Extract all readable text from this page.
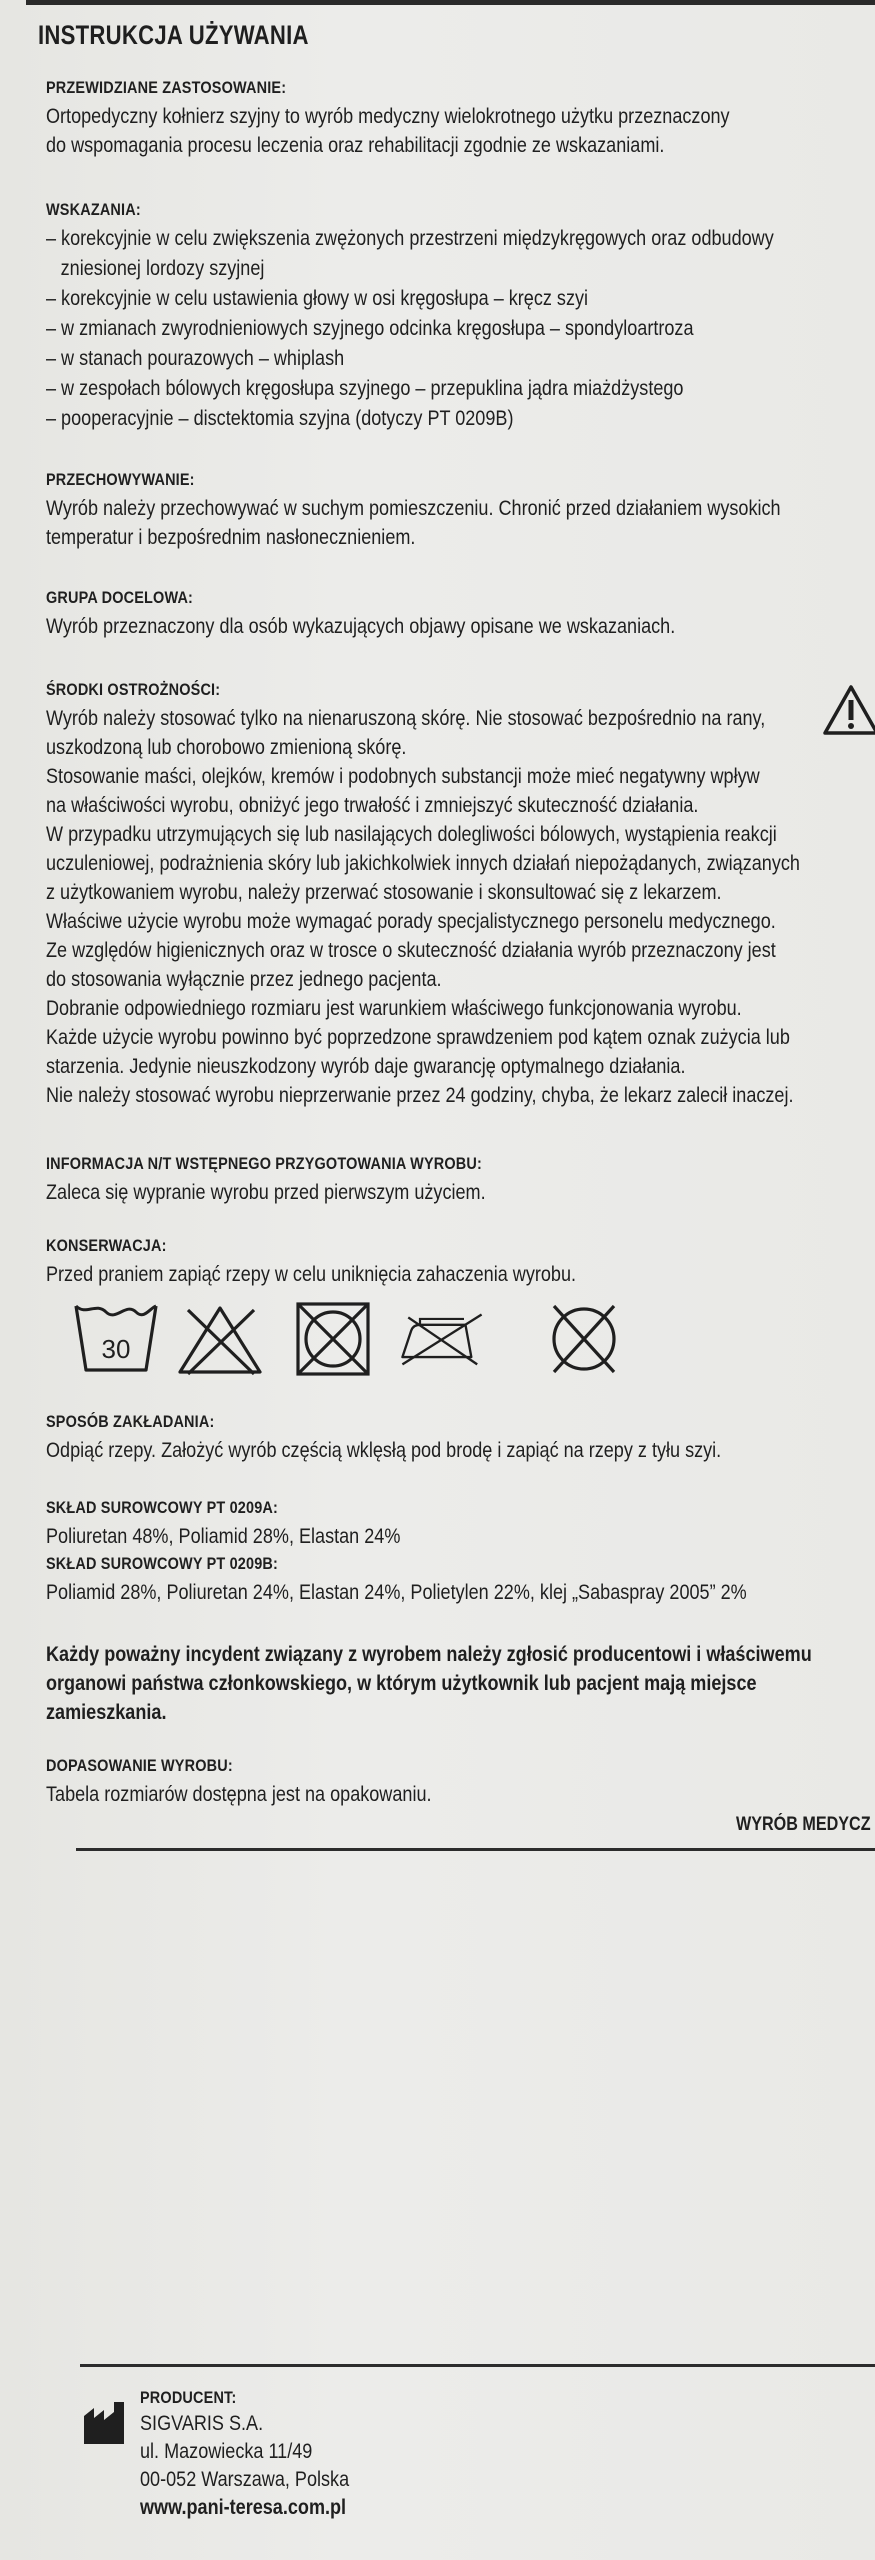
INSTRUKCJA UŻYWANIA
PRZEWIDZIANE ZASTOSOWANIE:
Ortopedyczny kołnierz szyjny to wyrób medyczny wielokrotnego użytku przeznaczony
do wspomagania procesu leczenia oraz rehabilitacji zgodnie ze wskazaniami.
WSKAZANIA:
– korekcyjnie w celu zwiększenia zwężonych przestrzeni międzykręgowych oraz odbudowy
zniesionej lordozy szyjnej
– korekcyjnie w celu ustawienia głowy w osi kręgosłupa – kręcz szyi
– w zmianach zwyrodnieniowych szyjnego odcinka kręgosłupa – spondyloartroza
– w stanach pourazowych – whiplash
– w zespołach bólowych kręgosłupa szyjnego – przepuklina jądra miażdżystego
– pooperacyjnie – disctektomia szyjna (dotyczy PT 0209B)
PRZECHOWYWANIE:
Wyrób należy przechowywać w suchym pomieszczeniu. Chronić przed działaniem wysokich
temperatur i bezpośrednim nasłonecznieniem.
GRUPA DOCELOWA:
Wyrób przeznaczony dla osób wykazujących objawy opisane we wskazaniach.
ŚRODKI OSTROŻNOŚCI:
Wyrób należy stosować tylko na nienaruszoną skórę. Nie stosować bezpośrednio na rany,
uszkodzoną lub chorobowo zmienioną skórę.
Stosowanie maści, olejków, kremów i podobnych substancji może mieć negatywny wpływ
na właściwości wyrobu, obniżyć jego trwałość i zmniejszyć skuteczność działania.
W przypadku utrzymujących się lub nasilających dolegliwości bólowych, wystąpienia reakcji
uczuleniowej, podrażnienia skóry lub jakichkolwiek innych działań niepożądanych, związanych
z użytkowaniem wyrobu, należy przerwać stosowanie i skonsultować się z lekarzem.
Właściwe użycie wyrobu może wymagać porady specjalistycznego personelu medycznego.
Ze względów higienicznych oraz w trosce o skuteczność działania wyrób przeznaczony jest
do stosowania wyłącznie przez jednego pacjenta.
Dobranie odpowiedniego rozmiaru jest warunkiem właściwego funkcjonowania wyrobu.
Każde użycie wyrobu powinno być poprzedzone sprawdzeniem pod kątem oznak zużycia lub
starzenia. Jedynie nieuszkodzony wyrób daje gwarancję optymalnego działania.
Nie należy stosować wyrobu nieprzerwanie przez 24 godziny, chyba, że lekarz zalecił inaczej.
INFORMACJA N/T WSTĘPNEGO PRZYGOTOWANIA WYROBU:
Zaleca się wypranie wyrobu przed pierwszym użyciem.
KONSERWACJA:
Przed praniem zapiąć rzepy w celu uniknięcia zahaczenia wyrobu.
30
SPOSÓB ZAKŁADANIA:
Odpiąć rzepy. Założyć wyrób częścią wklęsłą pod brodę i zapiąć na rzepy z tyłu szyi.
SKŁAD SUROWCOWY PT 0209A:
Poliuretan 48%, Poliamid 28%, Elastan 24%
SKŁAD SUROWCOWY PT 0209B:
Poliamid 28%, Poliuretan 24%, Elastan 24%, Polietylen 22%, klej „Sabaspray 2005” 2%
Każdy poważny incydent związany z wyrobem należy zgłosić producentowi i właściwemu
organowi państwa członkowskiego, w którym użytkownik lub pacjent mają miejsce
zamieszkania.
DOPASOWANIE WYROBU:
Tabela rozmiarów dostępna jest na opakowaniu.
WYRÓB MEDYCZ
PRODUCENT:
SIGVARIS S.A.
ul. Mazowiecka 11/49
00-052 Warszawa, Polska
www.pani-teresa.com.pl
